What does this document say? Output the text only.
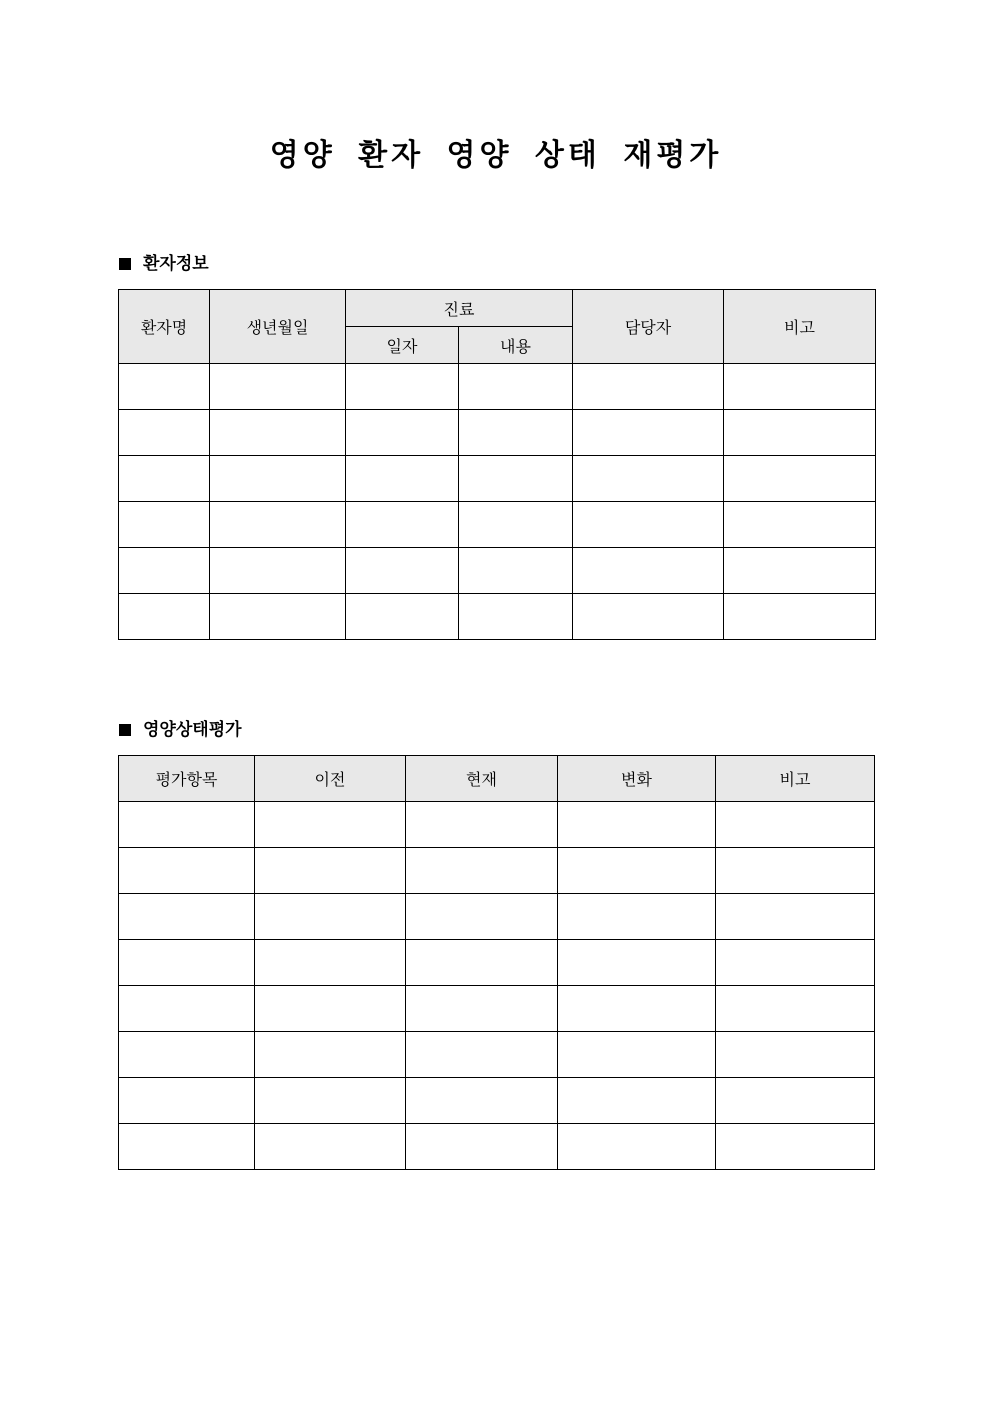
영양 환자 영양 상태 재평가
환자정보
환자명	생년월일	진료		담당자	비고
		일자	내용		

영양상태평가
평가항목	이전	현재	변화	비고
